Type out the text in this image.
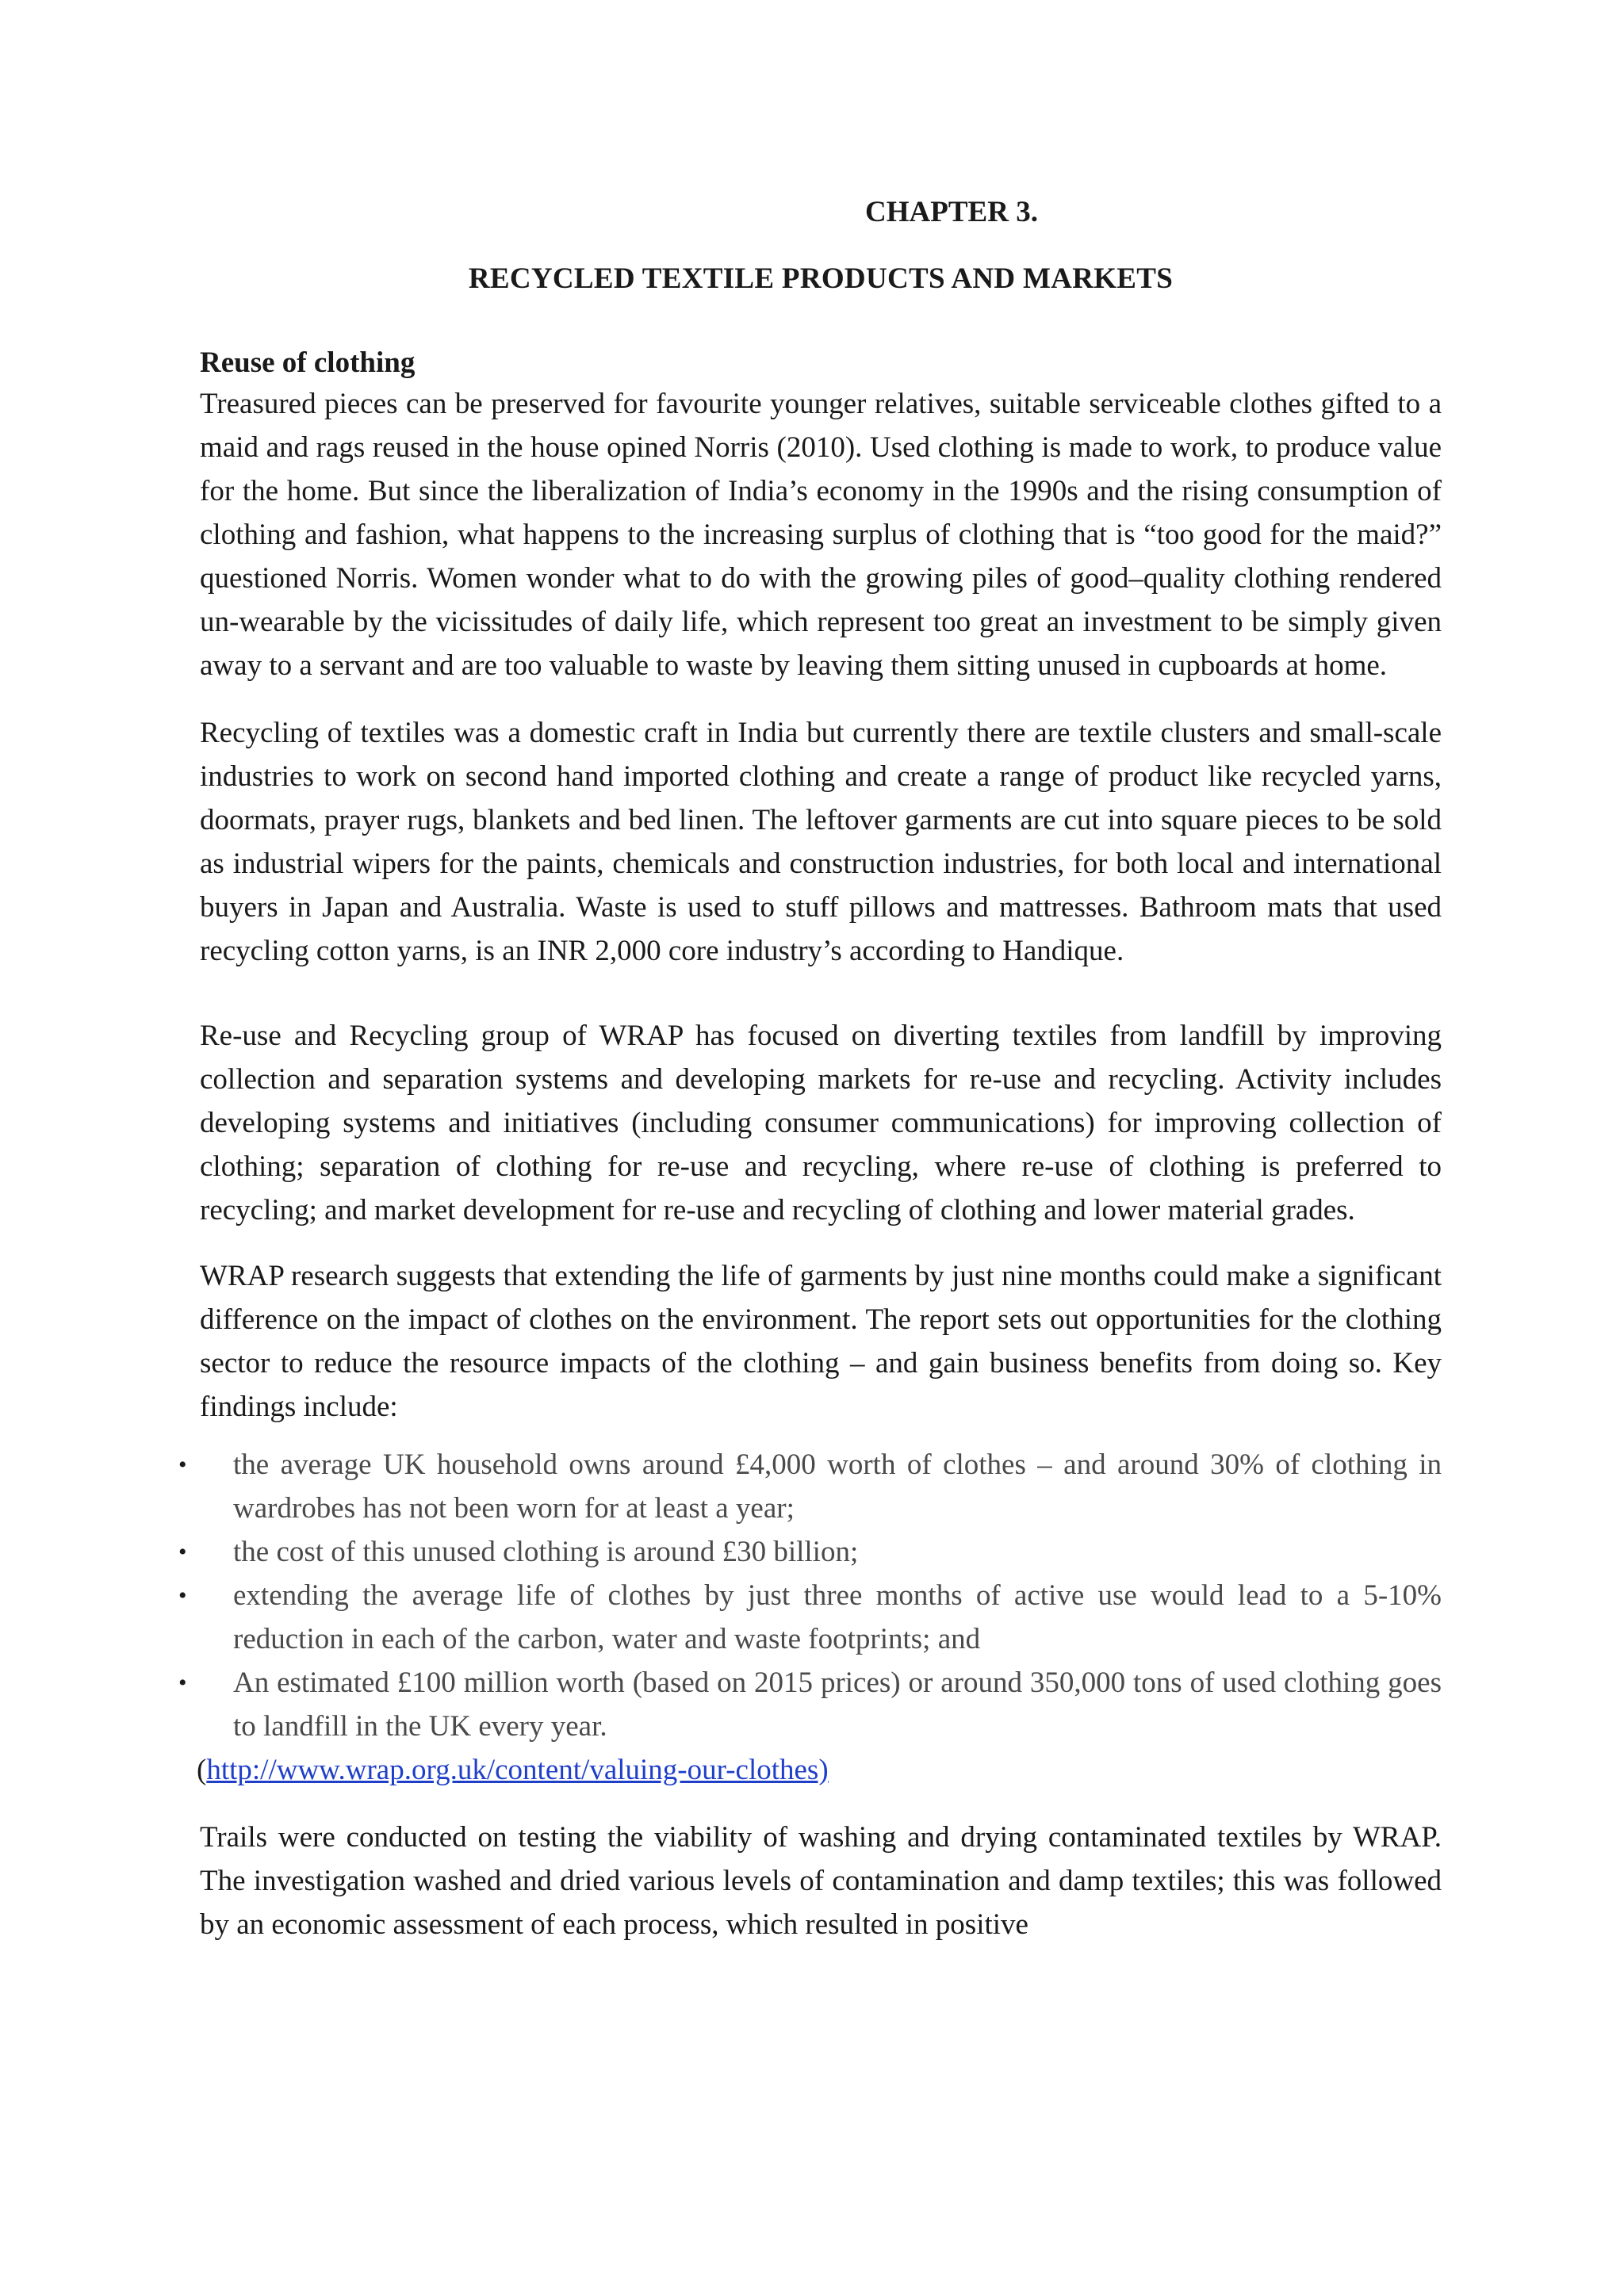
CHAPTER 3.
RECYCLED TEXTILE PRODUCTS AND MARKETS
Reuse of clothing

Treasured pieces can be preserved for favourite younger relatives, suitable serviceable clothes gifted to a maid and rags reused in the house opined Norris (2010). Used clothing is made to work, to produce value for the home. But since the liberalization of India’s economy in the 1990s and the rising consumption of clothing and fashion, what happens to the increasing surplus of clothing that is “too good for the maid?” questioned Norris. Women wonder what to do with the growing piles of good–quality clothing rendered un-wearable by the vicissitudes of daily life, which represent too great an investment to be simply given away to a servant and are too valuable to waste by leaving them sitting unused in cupboards at home.

Recycling of textiles was a domestic craft in India but currently there are textile clusters and small-scale industries to work on second hand imported clothing and create a range of product like recycled yarns, doormats, prayer rugs, blankets and bed linen. The leftover garments are cut into square pieces to be sold as industrial wipers for the paints, chemicals and construction industries, for both local and international buyers in Japan and Australia. Waste is used to stuff pillows and mattresses. Bathroom mats that used recycling cotton yarns, is an INR 2,000 core industry’s according to Handique.

Re-use and Recycling group of WRAP has focused on diverting textiles from landfill by improving collection and separation systems and developing markets for re-use and recycling. Activity includes developing systems and initiatives (including consumer communications) for improving collection of clothing; separation of clothing for re-use and recycling, where re-use of clothing is preferred to recycling; and market development for re-use and recycling of clothing and lower material grades.

WRAP research suggests that extending the life of garments by just nine months could make a significant difference on the impact of clothes on the environment. The report sets out opportunities for the clothing sector to reduce the resource impacts of the clothing – and gain business benefits from doing so. Key findings include:

• the average UK household owns around £4,000 worth of clothes – and around 30% of clothing in wardrobes has not been worn for at least a year;
• the cost of this unused clothing is around £30 billion;
• extending the average life of clothes by just three months of active use would lead to a 5-10% reduction in each of the carbon, water and waste footprints; and
• An estimated £100 million worth (based on 2015 prices) or around 350,000 tons of used clothing goes to landfill in the UK every year.
(http://www.wrap.org.uk/content/valuing-our-clothes)

Trails were conducted on testing the viability of washing and drying contaminated textiles by WRAP. The investigation washed and dried various levels of contamination and damp textiles; this was followed by an economic assessment of each process, which resulted in positive
